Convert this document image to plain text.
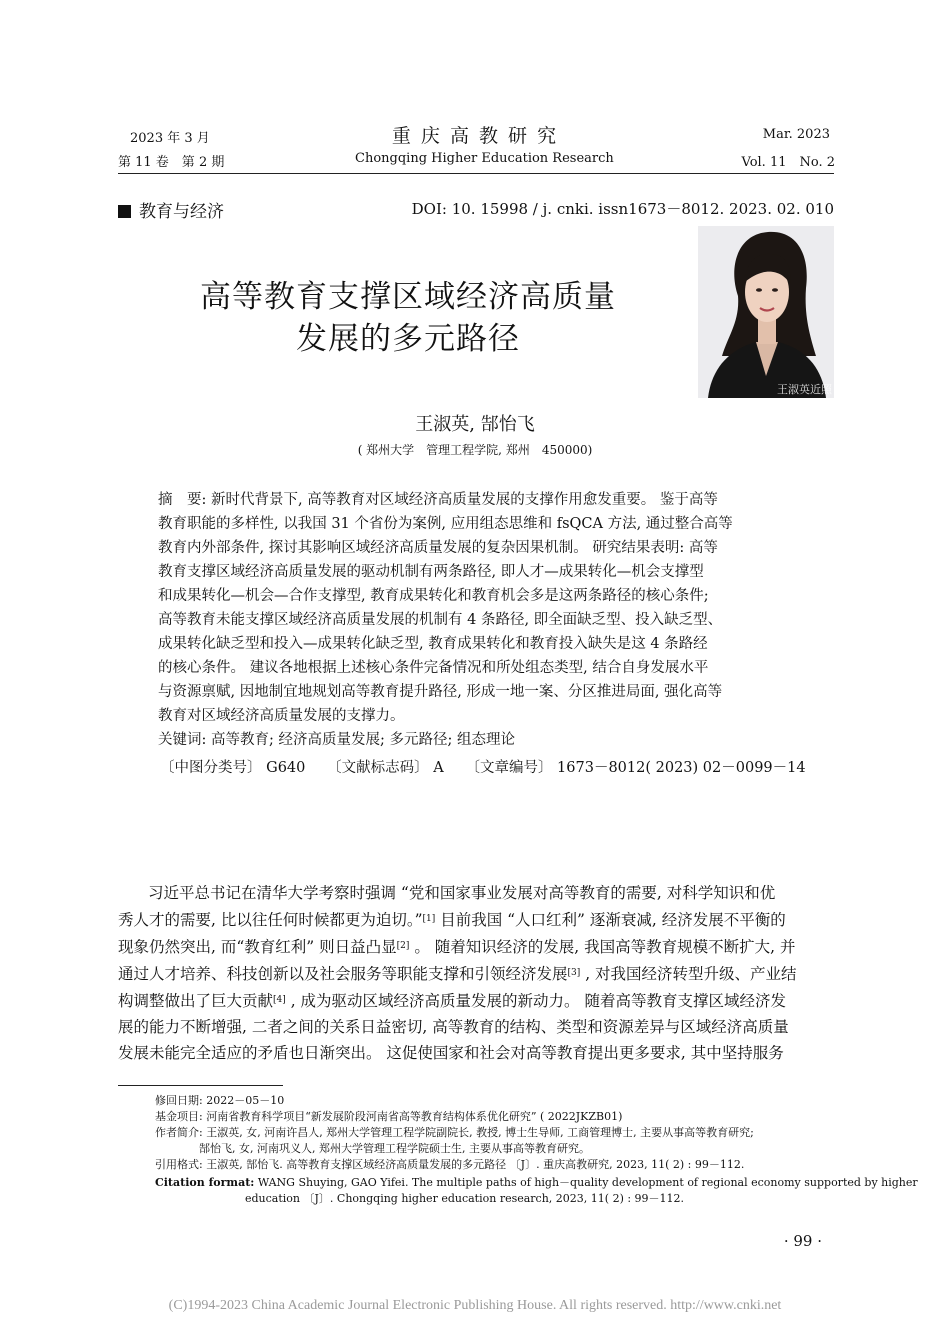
2023 年 3 月	重 庆 高 教 研 究	Mar. 2023
第 11 卷　第 2 期	Chongqing Higher Education Research	Vol. 11　No. 2
教育与经济	DOI: 10. 15998 / j. cnki. issn1673－8012. 2023. 02. 010
王淑英近照
高等教育支撑区域经济高质量
发展的多元路径
王淑英, 郜怡飞
( 郑州大学　管理工程学院, 郑州　450000)
摘　要: 新时代背景下, 高等教育对区域经济高质量发展的支撑作用愈发重要。 鉴于高等
教育职能的多样性, 以我国 31 个省份为案例, 应用组态思维和 fsQCA 方法, 通过整合高等
教育内外部条件, 探讨其影响区域经济高质量发展的复杂因果机制。 研究结果表明: 高等
教育支撑区域经济高质量发展的驱动机制有两条路径, 即人才—成果转化—机会支撑型
和成果转化—机会—合作支撑型, 教育成果转化和教育机会多是这两条路径的核心条件;
高等教育未能支撑区域经济高质量发展的机制有 4 条路径, 即全面缺乏型、投入缺乏型、
成果转化缺乏型和投入—成果转化缺乏型, 教育成果转化和教育投入缺失是这 4 条路经
的核心条件。 建议各地根据上述核心条件完备情况和所处组态类型, 结合自身发展水平
与资源禀赋, 因地制宜地规划高等教育提升路径, 形成一地一案、分区推进局面, 强化高等
教育对区域经济高质量发展的支撑力。
关键词: 高等教育; 经济高质量发展; 多元路径; 组态理论
〔中图分类号〕 G640　　〔文献标志码〕 A　　〔文章编号〕 1673－8012( 2023) 02－0099－14
习近平总书记在清华大学考察时强调 “党和国家事业发展对高等教育的需要, 对科学知识和优
秀人才的需要, 比以往任何时候都更为迫切。”[1] 目前我国 “人口红利” 逐渐衰减, 经济发展不平衡的
现象仍然突出, 而“教育红利” 则日益凸显[2] 。 随着知识经济的发展, 我国高等教育规模不断扩大, 并
通过人才培养、科技创新以及社会服务等职能支撑和引领经济发展[3] , 对我国经济转型升级、产业结
构调整做出了巨大贡献[4] , 成为驱动区域经济高质量发展的新动力。 随着高等教育支撑区域经济发
展的能力不断增强, 二者之间的关系日益密切, 高等教育的结构、类型和资源差异与区域经济高质量
发展未能完全适应的矛盾也日渐突出。 这促使国家和社会对高等教育提出更多要求, 其中坚持服务
修回日期: 2022－05－10
基金项目: 河南省教育科学项目“新发展阶段河南省高等教育结构体系优化研究” ( 2022JKZB01)
作者简介: 王淑英, 女, 河南许昌人, 郑州大学管理工程学院副院长, 教授, 博士生导师, 工商管理博士, 主要从事高等教育研究;
郜怡飞, 女, 河南巩义人, 郑州大学管理工程学院硕士生, 主要从事高等教育研究。
引用格式: 王淑英, 郜怡飞. 高等教育支撑区域经济高质量发展的多元路径 〔J〕. 重庆高教研究, 2023, 11( 2) : 99－112.
Citation format: WANG Shuying, GAO Yifei. The multiple paths of high－quality development of regional economy supported by higher
education 〔J〕. Chongqing higher education research, 2023, 11( 2) : 99－112.
· 99 ·
(C)1994-2023 China Academic Journal Electronic Publishing House. All rights reserved. http://www.cnki.net
